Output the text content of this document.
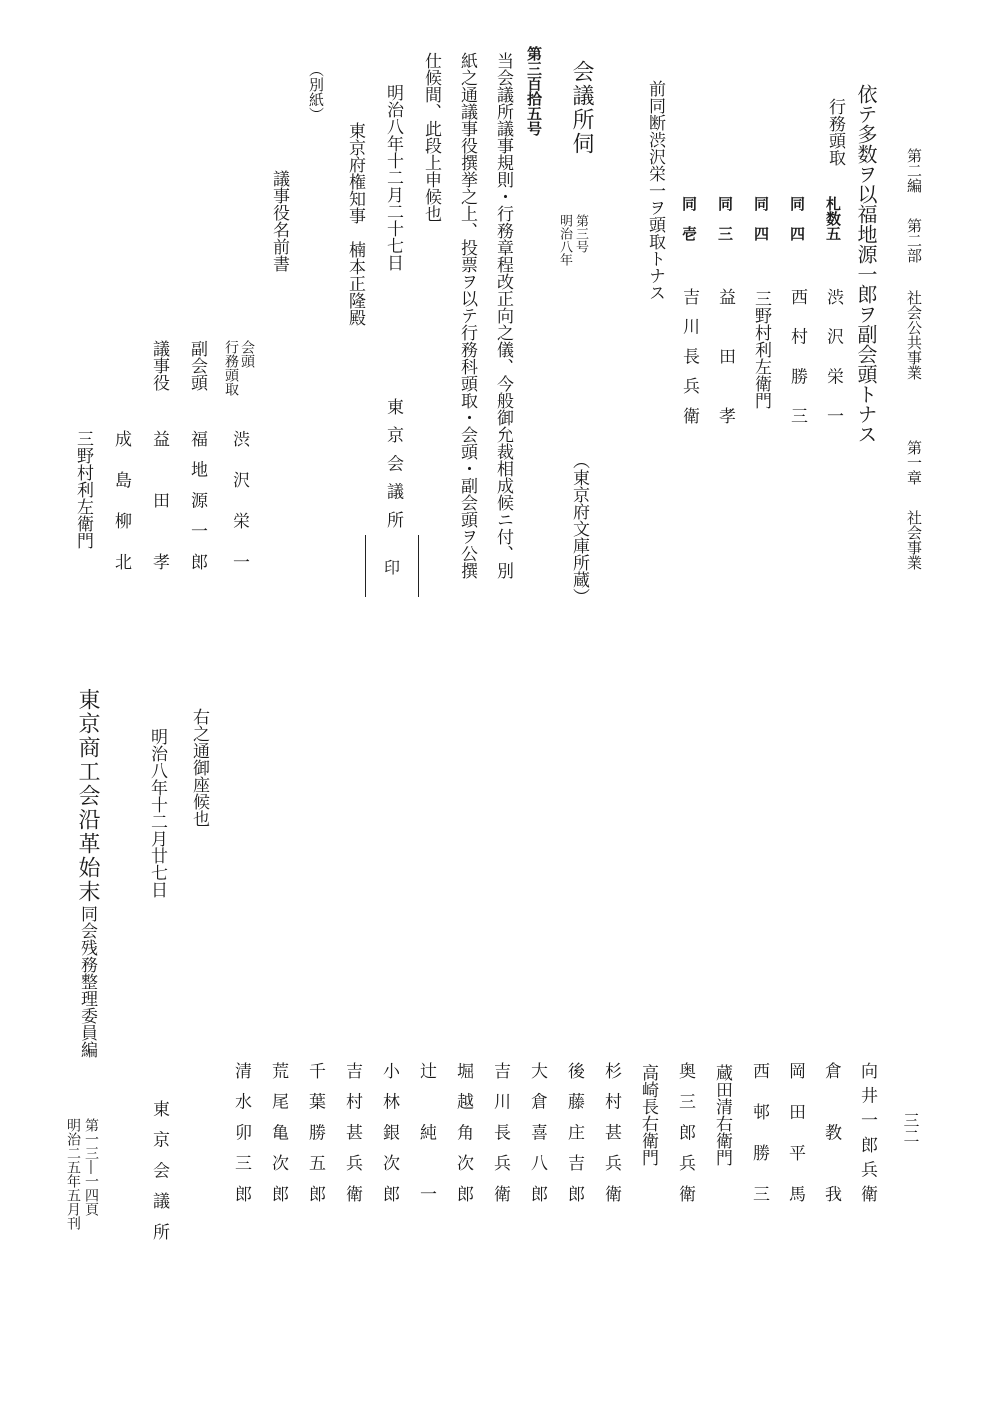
第二編
第二部
社会公共事業
第一章
社会事業
三二
依テ多数ヲ以福地源一郎ヲ副会頭トナス
行務頭取
札数五
渋沢栄一
同　四
西村勝三
同　四
三野村利左衛門
同　三
益田孝
同　壱
吉川長兵衛
前同断渋沢栄一ヲ頭取トナス
会議所伺
第三号
明治八年
（東京府文庫所蔵）
第三百拾五号
当会議所議事規則・行務章程改正向之儀、今般御允裁相成候ニ付、別
紙之通議事役撰挙之上、投票ヲ以テ行務科頭取・会頭・副会頭ヲ公撰
仕候間、此段上申候也
明治八年十二月二十七日
東京会議所
印
東京府権知事　楠本正隆殿
（別紙）
議事役名前書
会頭
行務頭取
渋沢栄一
副会頭
福地源一郎
議事役
益田孝
成島柳北
三野村利左衛門
向井一郎兵衛
倉教我
岡田平馬
西邨勝三
蔵田清右衛門
奥三郎兵衛
高崎長右衛門
杉村甚兵衛
後藤庄吉郎
大倉喜八郎
吉川長兵衛
堀越角次郎
辻純一
小林銀次郎
吉村甚兵衛
千葉勝五郎
荒尾亀次郎
清水卯三郎
東京会議所
右之通御座候也
明治八年十二月廿七日
東京商工会沿革始末
同会残務整理委員編
第一三―一四頁
明治二五年五月刊
